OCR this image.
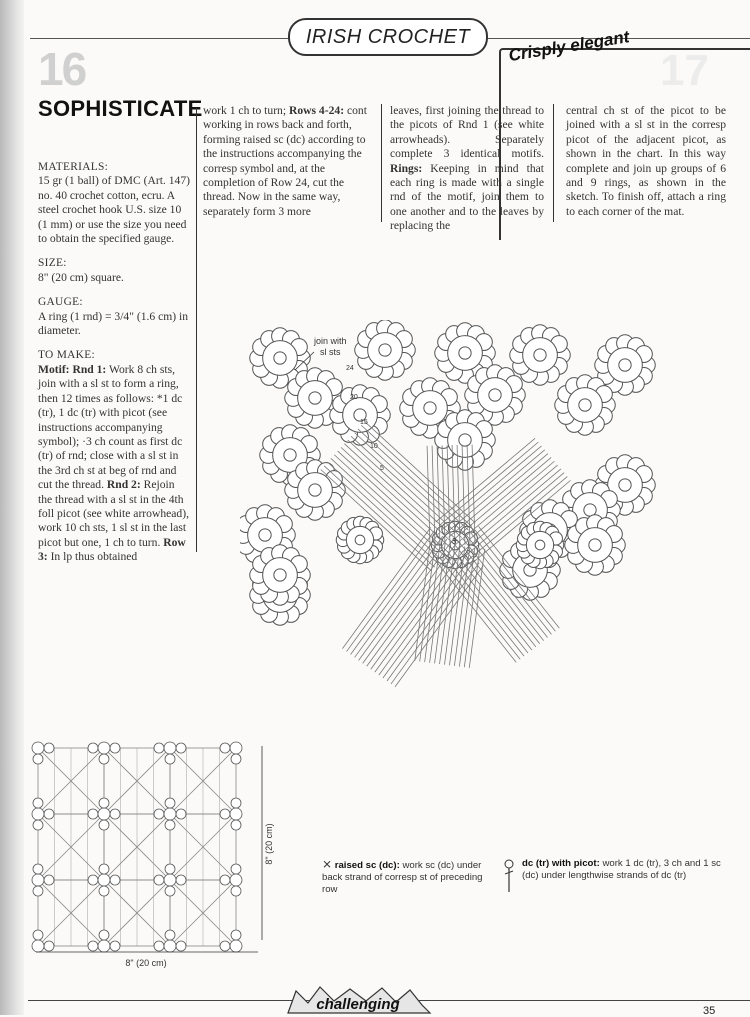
IRISH CROCHET Crisply elegant 17
16
SOPHISTICATE

MATERIALS:
15 gr (1 ball) of DMC (Art. 147) no. 40 crochet cotton, ecru. A steel crochet hook U.S. size 10 (1 mm) or use the size you need to obtain the specified gauge.

SIZE:
8" (20 cm) square.

GAUGE:
A ring (1 rnd) = 3/4" (1.6 cm) in diameter.

TO MAKE:
Motif: Rnd 1: Work 8 ch sts, join with a sl st to form a ring, then 12 times as follows: *1 dc (tr), 1 dc (tr) with picot (see instructions accompanying symbol); ·3 ch count as first dc (tr) of rnd; close with a sl st in the 3rd ch st at beg of rnd and cut the thread. Rnd 2: Rejoin the thread with a sl st in the 4th foll picot (see white arrowhead), work 10 ch sts, 1 sl st in the last picot but one, 1 ch to turn. Row 3: In lp thus obtained

work 1 ch to turn; Rows 4-24: cont working in rows back and forth, forming raised sc (dc) according to the instructions accompanying the corresp symbol and, at the completion of Row 24, cut the thread. Now in the same way, separately form 3 more

leaves, first joining the thread to the picots of Rnd 1 (see white arrowheads). Separately complete 3 identical motifs. Rings: Keeping in mind that each ring is made with a single rnd of the motif, join them to one another and to the leaves by replacing the

central ch st of the picot to be joined with a sl st in the corresp picot of the adjacent picot, as shown in the chart. In this way complete and join up groups of 6 and 9 rings, as shown in the sketch. To finish off, attach a ring to each corner of the mat.

join with
sl sts
24
20
15
10
5
3
8" (20 cm)
8" (20 cm)	⨯ raised sc (dc): work sc (dc) under back strand of corresp st of preceding row
dc (tr) with picot: work 1 dc (tr), 3 ch and 1 sc (dc) under lengthwise strands of dc (tr)
challenging	35
